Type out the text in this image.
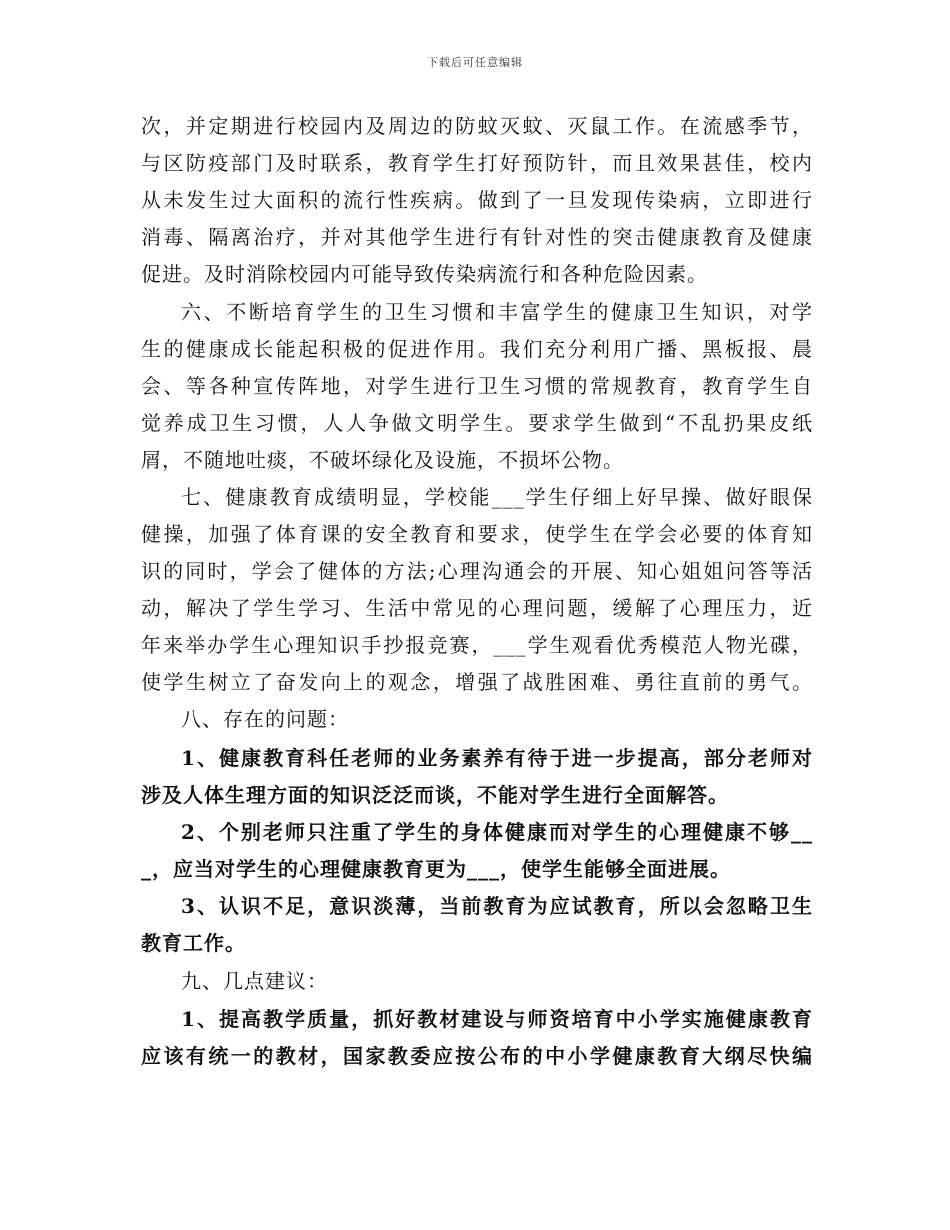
下载后可任意编辑
次，并定期进行校园内及周边的防蚊灭蚊、灭鼠工作。在流感季节，
与区防疫部门及时联系，教育学生打好预防针，而且效果甚佳，校内
从未发生过大面积的流行性疾病。做到了一旦发现传染病，立即进行
消毒、隔离治疗，并对其他学生进行有针对性的突击健康教育及健康
促进。及时消除校园内可能导致传染病流行和各种危险因素。
六、不断培育学生的卫生习惯和丰富学生的健康卫生知识，对学
生的健康成长能起积极的促进作用。我们充分利用广播、黑板报、晨
会、等各种宣传阵地，对学生进行卫生习惯的常规教育，教育学生自
觉养成卫生习惯，人人争做文明学生。要求学生做到“不乱扔果皮纸
屑，不随地吐痰，不破坏绿化及设施，不损坏公物。
七、健康教育成绩明显，学校能___学生仔细上好早操、做好眼保
健操，加强了体育课的安全教育和要求，使学生在学会必要的体育知
识的同时，学会了健体的方法;心理沟通会的开展、知心姐姐问答等活
动，解决了学生学习、生活中常见的心理问题，缓解了心理压力，近
年来举办学生心理知识手抄报竞赛，___学生观看优秀模范人物光碟，
使学生树立了奋发向上的观念，增强了战胜困难、勇往直前的勇气。
八、存在的问题：
1、健康教育科任老师的业务素养有待于进一步提高，部分老师对
涉及人体生理方面的知识泛泛而谈，不能对学生进行全面解答。
2、个别老师只注重了学生的身体健康而对学生的心理健康不够__
_，应当对学生的心理健康教育更为___，使学生能够全面进展。
3、认识不足，意识淡薄，当前教育为应试教育，所以会忽略卫生
教育工作。
九、几点建议：
1、提高教学质量，抓好教材建设与师资培育中小学实施健康教育
应该有统一的教材，国家教委应按公布的中小学健康教育大纲尽快编
